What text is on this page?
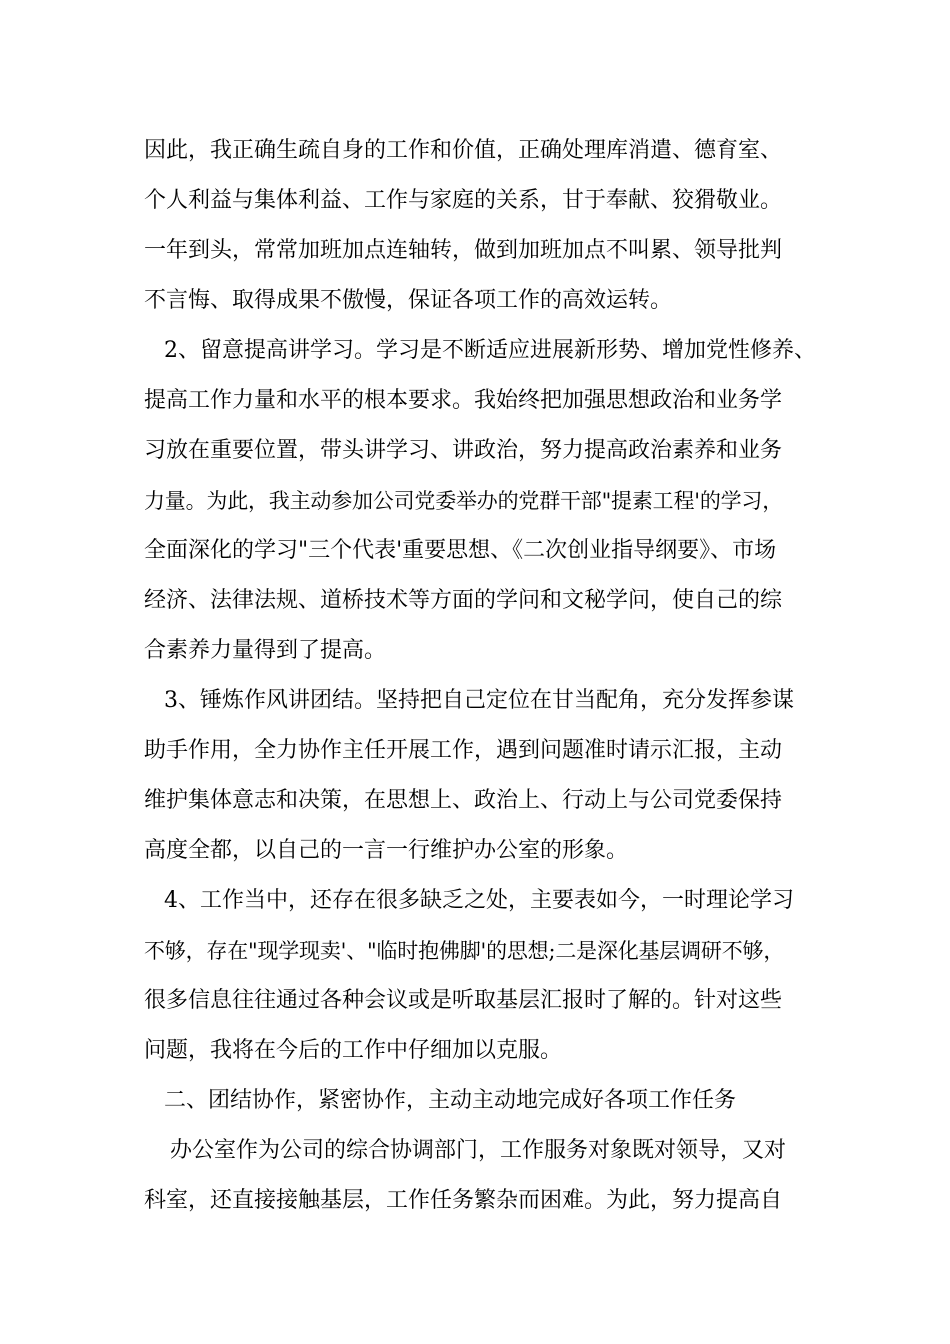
因此，我正确生疏自身的工作和价值，正确处理库消遣、德育室、
个人利益与集体利益、工作与家庭的关系，甘于奉献、狡猾敬业。
一年到头，常常加班加点连轴转，做到加班加点不叫累、领导批判
不言悔、取得成果不傲慢，保证各项工作的高效运转。
2、留意提高讲学习。学习是不断适应进展新形势、增加党性修养、
提高工作力量和水平的根本要求。我始终把加强思想政治和业务学
习放在重要位置，带头讲学习、讲政治，努力提高政治素养和业务
力量。为此，我主动参加公司党委举办的党群干部"提素工程'的学习，
全面深化的学习"三个代表'重要思想、《二次创业指导纲要》、市场
经济、法律法规、道桥技术等方面的学问和文秘学问，使自己的综
合素养力量得到了提高。
3、锤炼作风讲团结。坚持把自己定位在甘当配角，充分发挥参谋
助手作用，全力协作主任开展工作，遇到问题准时请示汇报，主动
维护集体意志和决策，在思想上、政治上、行动上与公司党委保持
高度全都，以自己的一言一行维护办公室的形象。
4、工作当中，还存在很多缺乏之处，主要表如今，一时理论学习
不够，存在"现学现卖'、"临时抱佛脚'的思想;二是深化基层调研不够，
很多信息往往通过各种会议或是听取基层汇报时了解的。针对这些
问题，我将在今后的工作中仔细加以克服。
二、团结协作，紧密协作，主动主动地完成好各项工作任务
办公室作为公司的综合协调部门，工作服务对象既对领导，又对
科室，还直接接触基层，工作任务繁杂而困难。为此，努力提高自
